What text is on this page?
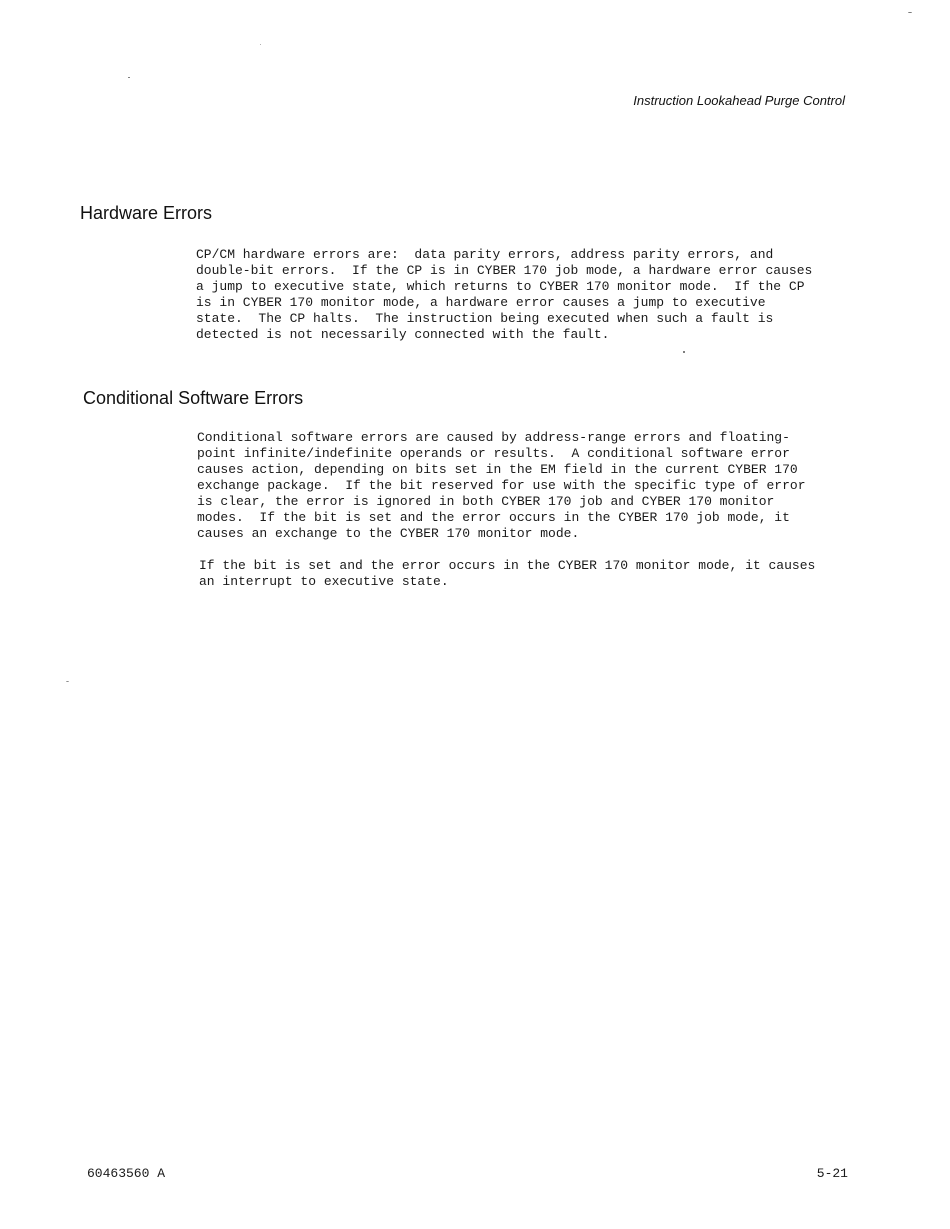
Instruction Lookahead Purge Control
Hardware Errors

CP/CM hardware errors are:  data parity errors, address parity errors, and
double-bit errors.  If the CP is in CYBER 170 job mode, a hardware error causes
a jump to executive state, which returns to CYBER 170 monitor mode.  If the CP
is in CYBER 170 monitor mode, a hardware error causes a jump to executive
state.  The CP halts.  The instruction being executed when such a fault is
detected is not necessarily connected with the fault.

Conditional Software Errors

Conditional software errors are caused by address-range errors and floating-
point infinite/indefinite operands or results.  A conditional software error
causes action, depending on bits set in the EM field in the current CYBER 170
exchange package.  If the bit reserved for use with the specific type of error
is clear, the error is ignored in both CYBER 170 job and CYBER 170 monitor
modes.  If the bit is set and the error occurs in the CYBER 170 job mode, it
causes an exchange to the CYBER 170 monitor mode.

If the bit is set and the error occurs in the CYBER 170 monitor mode, it causes
an interrupt to executive state.

60463560 A	5-21
